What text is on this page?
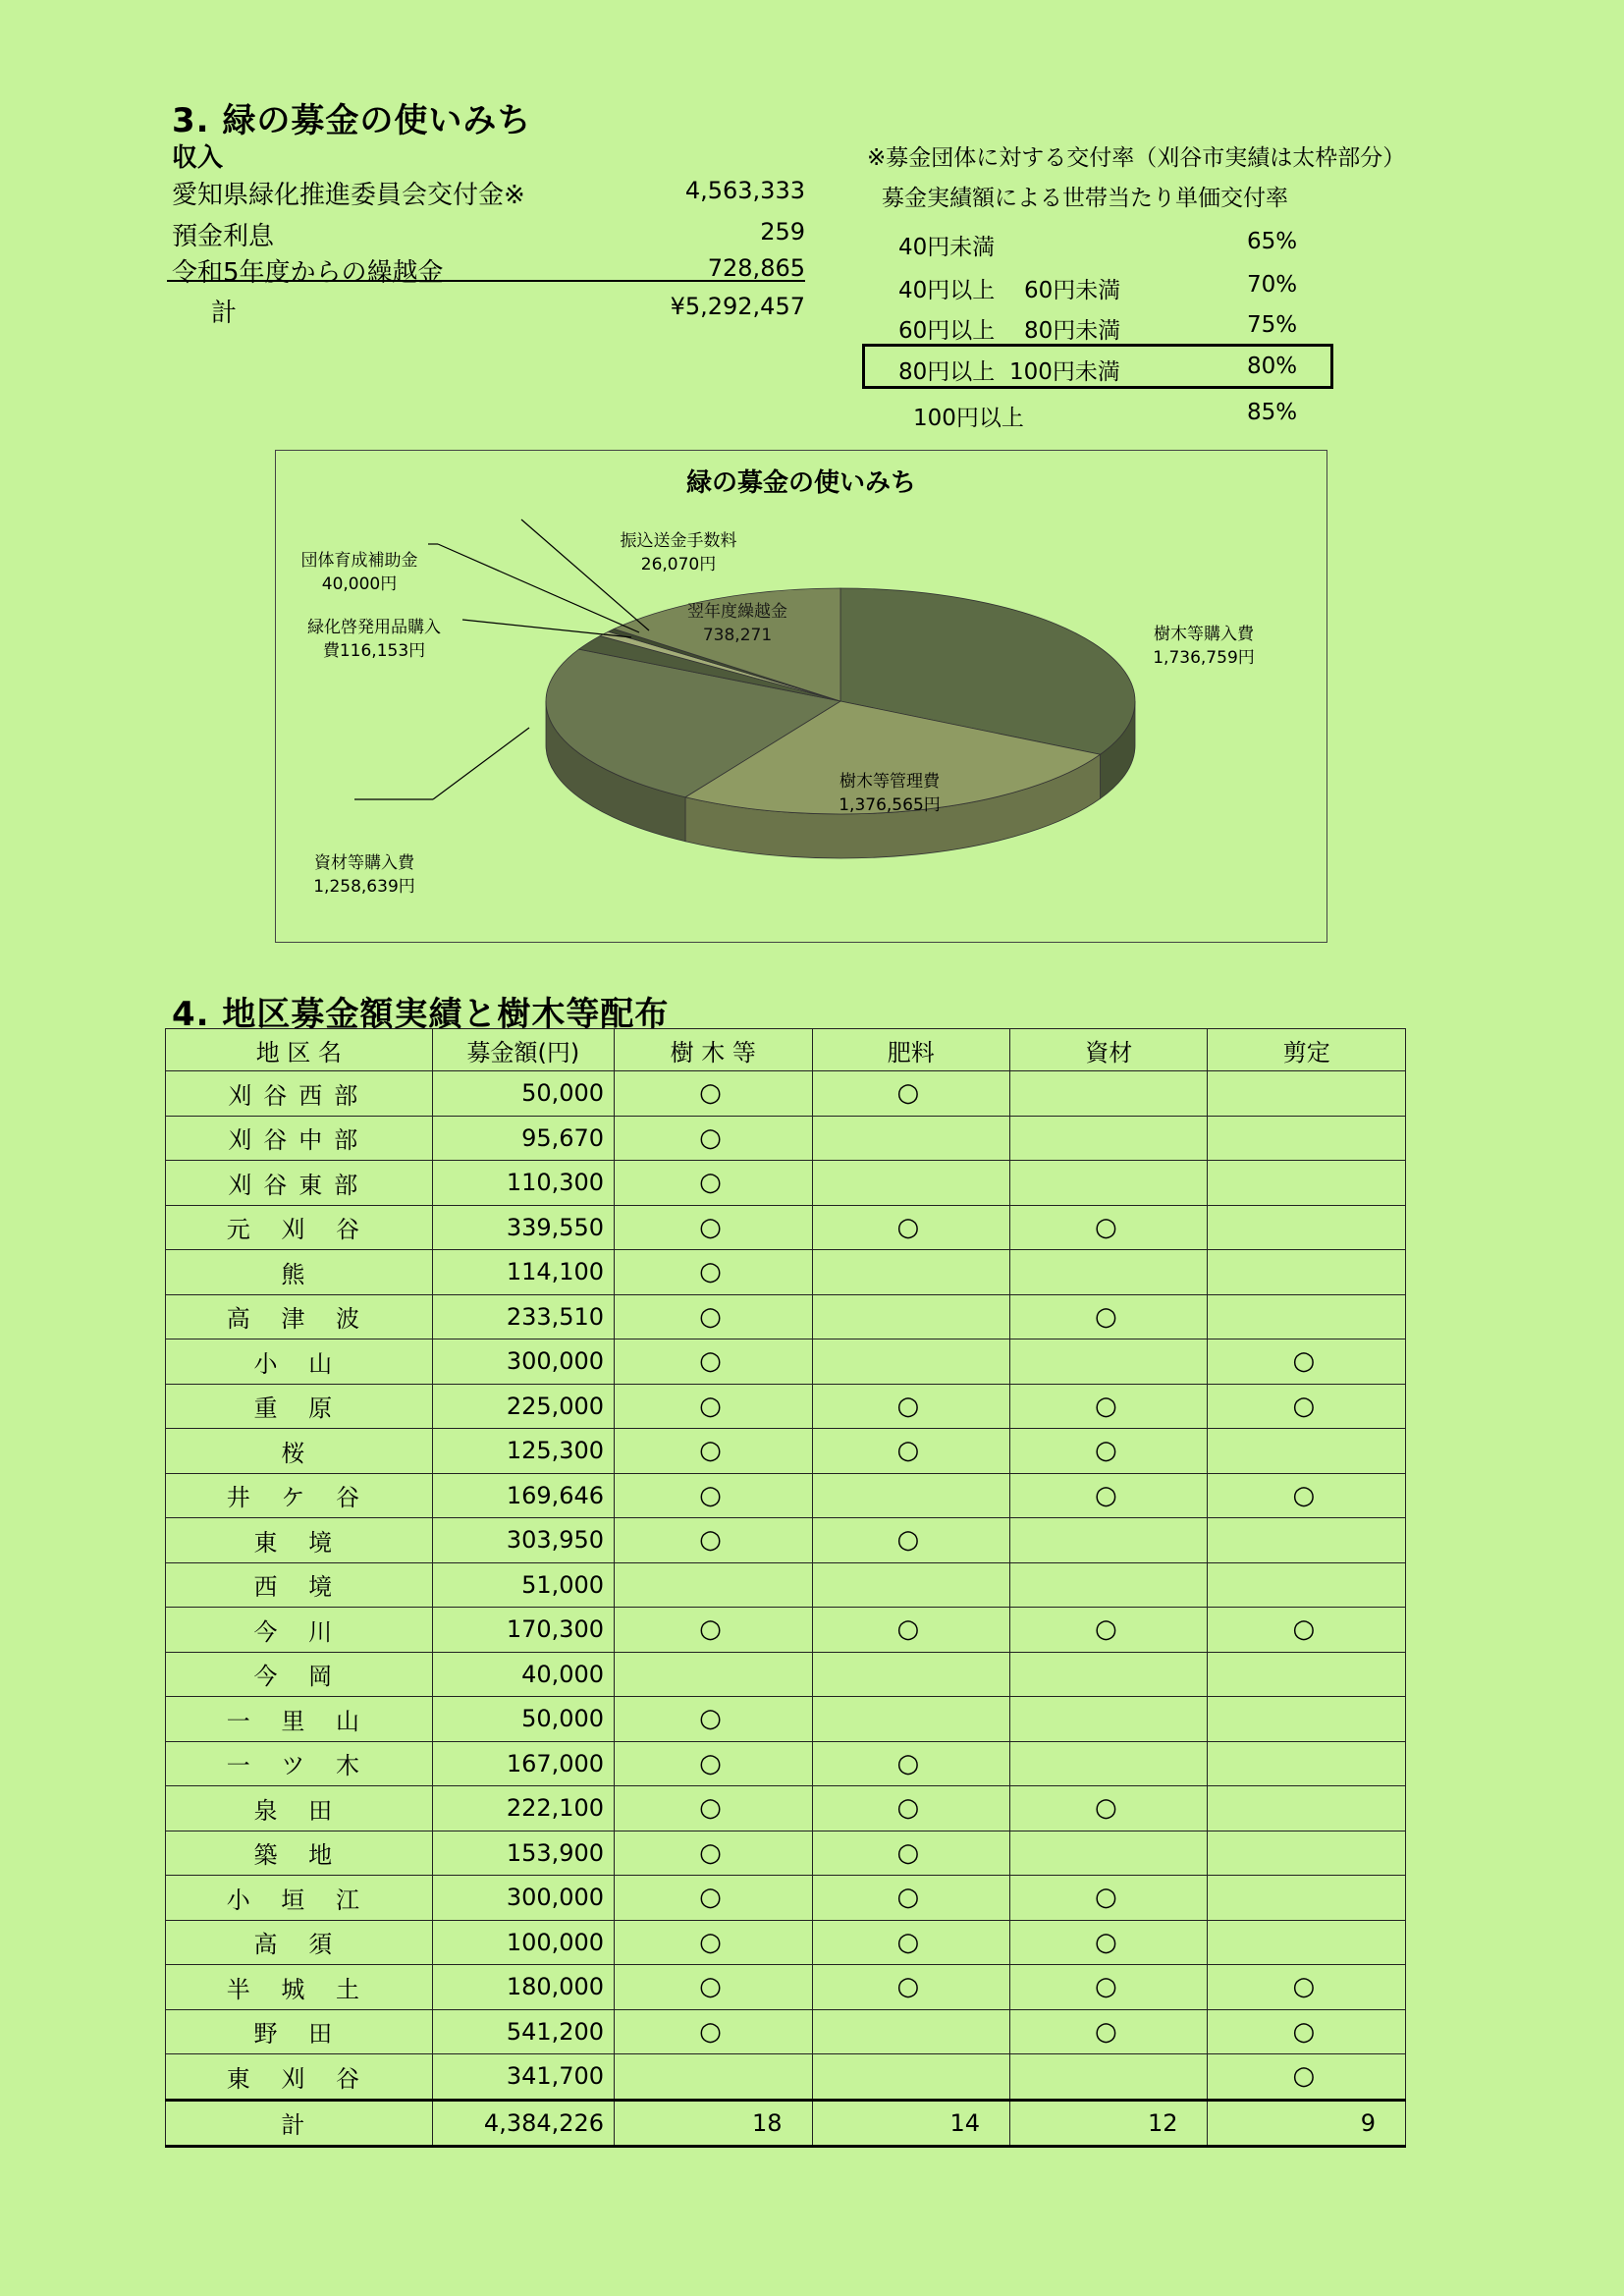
3. 緑の募金の使いみち
収入
愛知県緑化推進委員会交付金※	4,563,333
預金利息	259
令和5年度からの繰越金	728,865
計	¥5,292,457
※募金団体に対する交付率（刈谷市実績は太枠部分）
募金実績額による世帯当たり単価交付率
40円未満	65%
40円以上 60円未満	70%
60円以上 80円未満	75%
80円以上 100円未満	80%
100円以上	85%
緑の募金の使いみち
振込送金手数料
26,070円
団体育成補助金
40,000円
緑化啓発用品購入
費116,153円
翌年度繰越金
738,271	樹木等購入費
1,736,759円
樹木等管理費
1,376,565円
資材等購入費
1,258,639円
4. 地区募金額実績と樹木等配布
地 区 名	募金額(円)	樹 木 等	肥料	資材	剪定
刈谷西部	50,000	○	○		
刈谷中部	95,670	○			
刈谷東部	110,300	○			
元 刈 谷	339,550	○	○	○	
熊	114,100	○			
高 津 波	233,510	○		○	
小 山	300,000	○			○
重 原	225,000	○	○	○	○
桜	125,300	○	○	○	
井 ケ 谷	169,646	○		○	○
東 境	303,950	○	○		
西 境	51,000				
今 川	170,300	○	○	○	○
今 岡	40,000				
一 里 山	50,000	○			
一 ツ 木	167,000	○	○		
泉 田	222,100	○	○	○	
築 地	153,900	○	○		
小 垣 江	300,000	○	○	○	
高 須	100,000	○	○	○	
半 城 土	180,000	○	○	○	○
野 田	541,200	○		○	○
東 刈 谷	341,700				○
計	4,384,226	18	14	12	9
